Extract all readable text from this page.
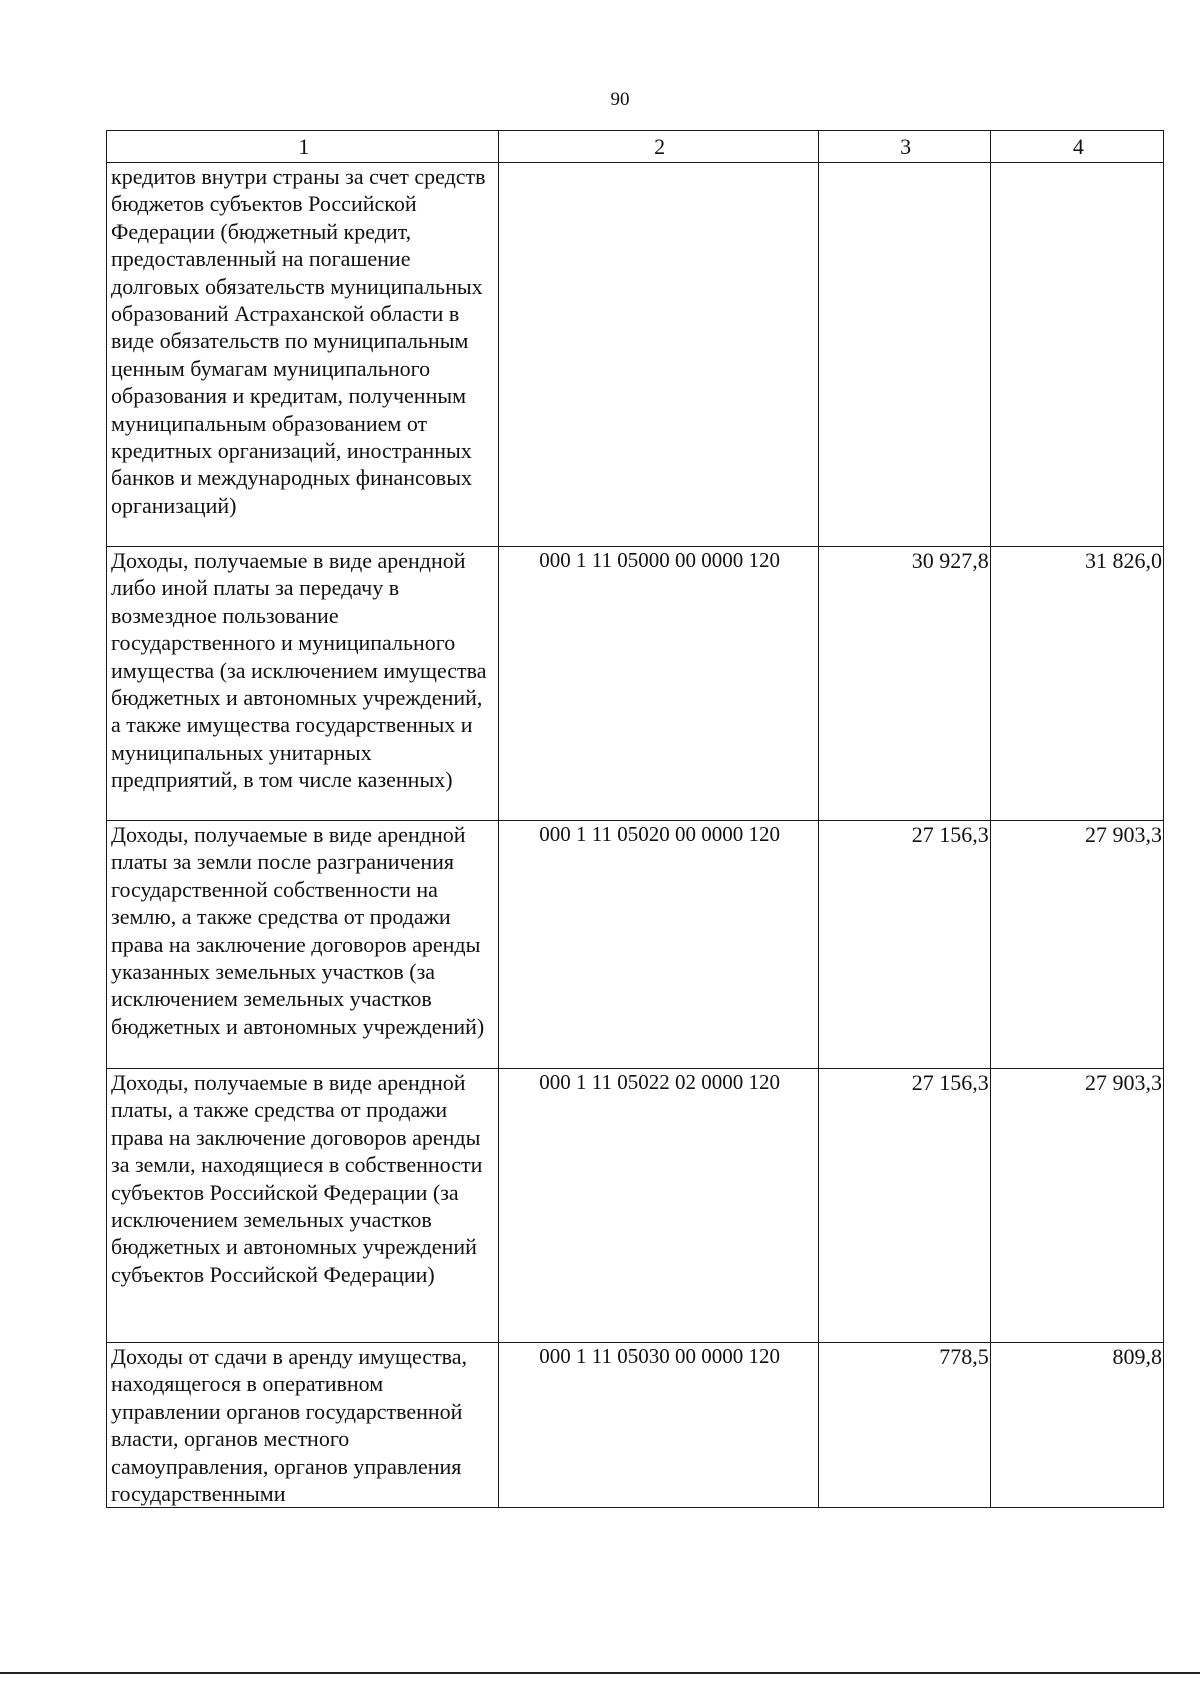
90
1	2	3	4
кредитов внутри страны за счет средств бюджетов субъектов Российской Федерации (бюджетный кредит, предоставленный на погашение долговых обязательств муниципальных образований Астраханской области в виде обязательств по муниципальным ценным бумагам муниципального образования и кредитам, полученным муниципальным образованием от кредитных организаций, иностранных банков и международных финансовых организаций)			
Доходы, получаемые в виде арендной либо иной платы за передачу в возмездное пользование государственного и муниципального имущества (за исключением имущества бюджетных и автономных учреждений, а также имущества государственных и муниципальных унитарных предприятий, в том числе казенных)	000 1 11 05000 00 0000 120	30 927,8	31 826,0
Доходы, получаемые в виде арендной платы за земли после разграничения государственной собственности на землю, а также средства от продажи права на заключение договоров аренды указанных земельных участков (за исключением земельных участков бюджетных и автономных учреждений)	000 1 11 05020 00 0000 120	27 156,3	27 903,3
Доходы, получаемые в виде арендной платы, а также средства от продажи права на заключение договоров аренды за земли, находящиеся в собственности субъектов Российской Федерации (за исключением земельных участков бюджетных и автономных учреждений субъектов Российской Федерации)	000 1 11 05022 02 0000 120	27 156,3	27 903,3
Доходы от сдачи в аренду имущества, находящегося в оперативном управлении органов государственной власти, органов местного самоуправления, органов управления государственными	000 1 11 05030 00 0000 120	778,5	809,8
